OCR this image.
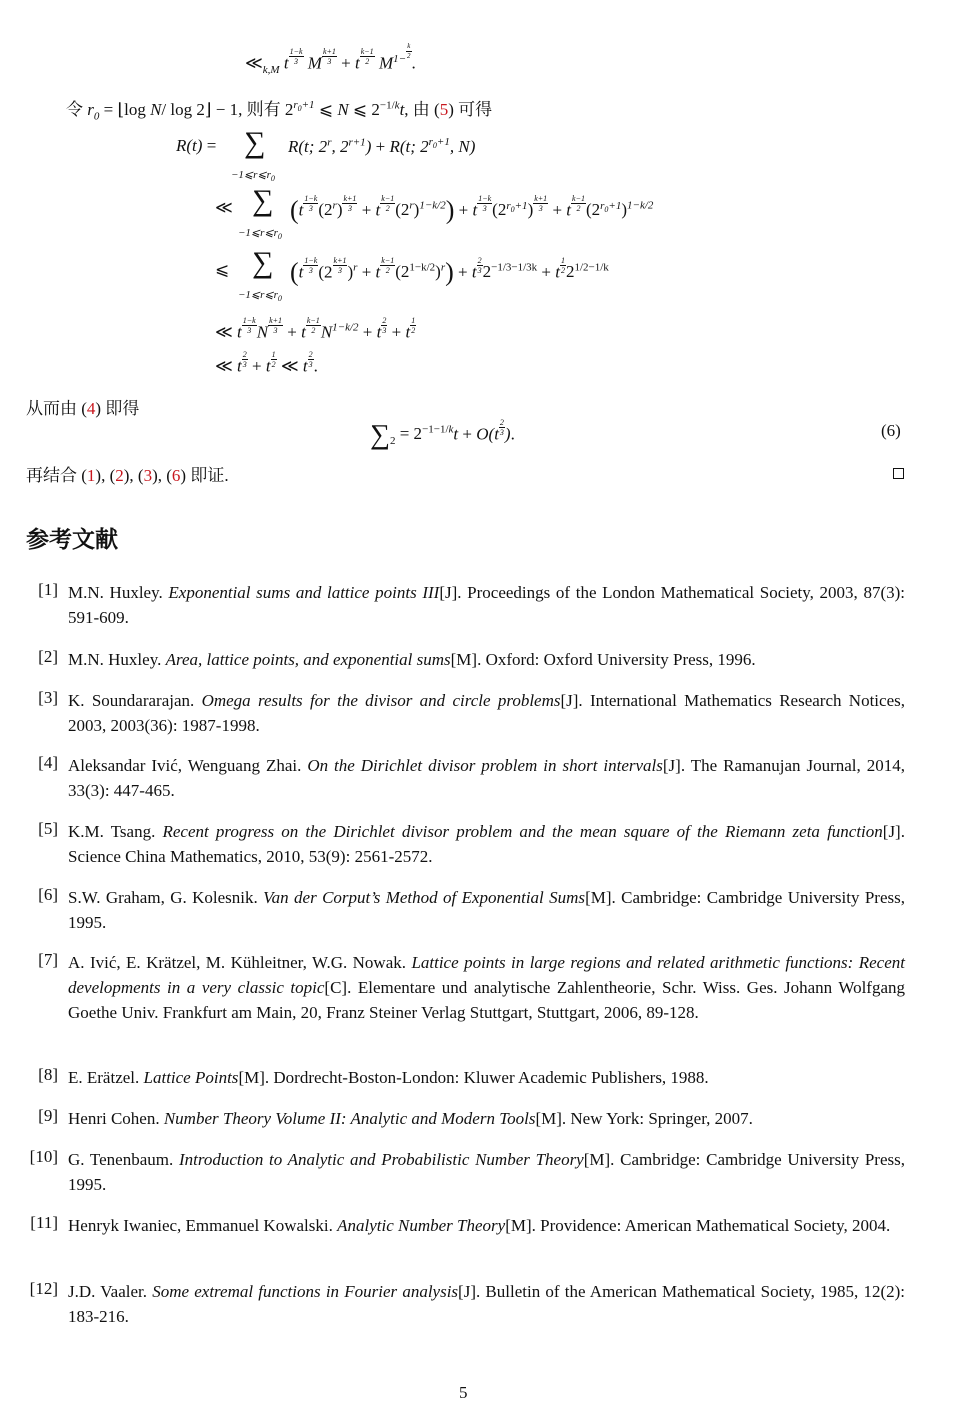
$≪_{k,M}$ t $\frac{1-k}{3}$ M $\frac{k+1}{3} + t \frac{k-1}{2} M^{1- \frac{k}{2}}$
.
令 $r_0$ = ⌊log N/ log 2⌋ − 1, 则有 $2^{r_0+1}$ ⩽ N ⩽ $2^{-1/k}t$, 由 (5) 可得
R(t) = ∑
$-1⩽r⩽r_0$
R(t; 2$^r$, $2^{r+1}) + R(t$; $2^{r_0+1}$, N)
≪ ∑
$-1⩽r⩽r_0$
$(t \frac{1-k}{3} (2^r) \frac{k+1}{3} + t \frac{k-1}{2} (2^r)^{1-k/2}) + t \frac{1-k}{3} (2^{r_0+1}) \frac{k+1}{3} + t \frac{k-1}{2} (2^{r_0+1})^{1-k/2}$
⩽ ∑
$-1⩽r⩽r_0$
$(t \frac{1-k}{3} (2 \frac{k+1}{3} )^r + t \frac{k-1}{2} (2^{1-k/2})^r) + t \frac{2}{3} 2^{-1/3-1/3k} + t \frac{1}{2} 2^{1/2-1/k}$
≪ t $\frac{1-k}{3}$ N $\frac{k+1}{3} + t \frac{k-1}{2} N^{1-k/2} + t \frac{2}{3} + t \frac{1}{2}$
≪ t $\frac{2}{3} + t \frac{1}{2}$ ≪ t $\frac{2}{3}$ .
从而由 (4) 即得
$\sum_2 = 2^{-1-1/k}t + O(t \frac{2}{3}$ ).	(6)
再结合 (1), (2), (3), (6) 即证.
参考文献
[1] M.N. Huxley. Exponential sums and lattice points III[J]. Proceedings of the London Mathematical Society, 2003, 87(3): 591-609.
[2] M.N. Huxley. Area, lattice points, and exponential sums[M]. Oxford: Oxford University Press, 1996.
[3] K. Soundararajan. Omega results for the divisor and circle problems[J]. International Mathematics Research Notices, 2003, 2003(36): 1987-1998.
[4] Aleksandar Ivić, Wenguang Zhai. On the Dirichlet divisor problem in short intervals[J]. The Ramanujan Journal, 2014, 33(3): 447-465.
[5] K.M. Tsang. Recent progress on the Dirichlet divisor problem and the mean square of the Riemann zeta function[J]. Science China Mathematics, 2010, 53(9): 2561-2572.
[6] S.W. Graham, G. Kolesnik. Van der Corput’s Method of Exponential Sums[M]. Cambridge: Cambridge University Press, 1995.
[7] A. Ivić, E. Krätzel, M. Kühleitner, W.G. Nowak. Lattice points in large regions and related arithmetic functions: Recent developments in a very classic topic[C]. Elementare und analytische Zahlentheorie, Schr. Wiss. Ges. Johann Wolfgang Goethe Univ. Frankfurt am Main, 20, Franz Steiner Verlag Stuttgart, Stuttgart, 2006, 89-128.
[8] E. Erätzel. Lattice Points[M]. Dordrecht-Boston-London: Kluwer Academic Publishers, 1988.
[9] Henri Cohen. Number Theory Volume II: Analytic and Modern Tools[M]. New York: Springer, 2007.
[10] G. Tenenbaum. Introduction to Analytic and Probabilistic Number Theory[M]. Cambridge: Cambridge University Press, 1995.
[11] Henryk Iwaniec, Emmanuel Kowalski. Analytic Number Theory[M]. Providence: American Mathematical Society, 2004.
[12] J.D. Vaaler. Some extremal functions in Fourier analysis[J]. Bulletin of the American Mathematical Society, 1985, 12(2): 183-216.
5
